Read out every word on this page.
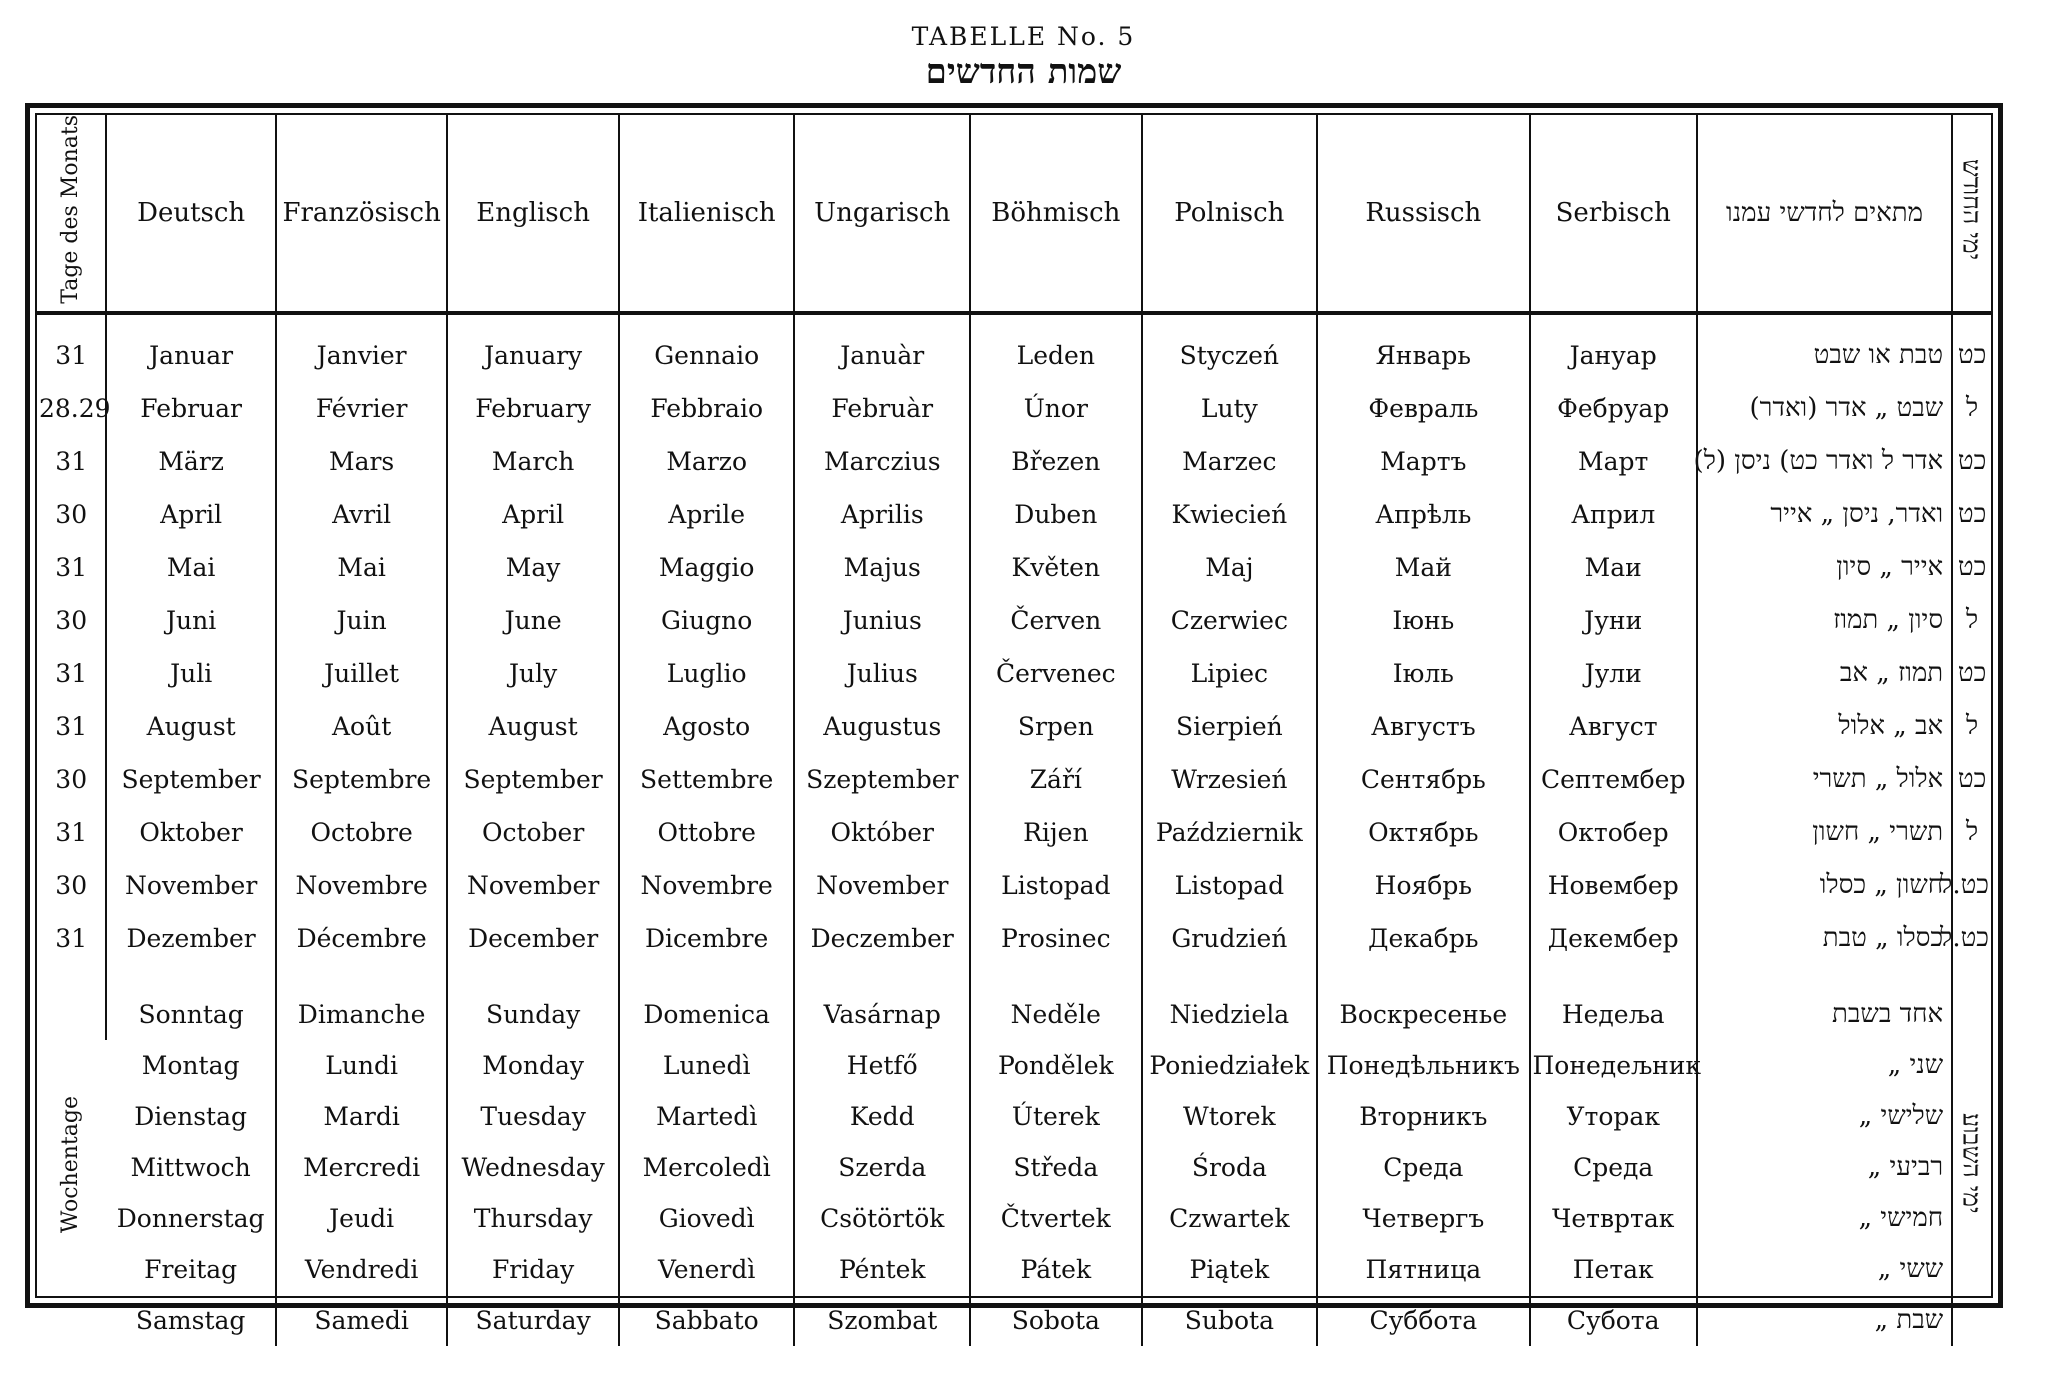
TABELLE No. 5
שמות החדשים
Tage des Monats	Deutsch	Französisch	Englisch	Italienisch	Ungarisch	Böhmisch	Polnisch	Russisch	Serbisch	מתאים לחדשי עמנו	ימי החודש
31	Januar	Janvier	January	Gennaio	Januàr	Leden	Styczeń	Январь	Јануар	טבת או שבט	כט
28.29	Februar	Février	February	Febbraio	Februàr	Únor	Luty	Февраль	Фебруар	שבט „ אדר (ואדר)	ל
31	März	Mars	March	Marzo	Marczius	Březen	Marzec	Мартъ	Март	אדר ל ואדר כט) ניסן (ל)	כט
30	April	Avril	April	Aprile	Aprilis	Duben	Kwiecień	Апрѣль	Април	ואדר, ניסן „ אייר	כט
31	Mai	Mai	May	Maggio	Majus	Květen	Maj	Май	Маи	אייר „ סיון	כט
30	Juni	Juin	June	Giugno	Junius	Červen	Czerwiec	Іюнь	Јуни	סיון „ תמוז	ל
31	Juli	Juillet	July	Luglio	Julius	Červenec	Lipiec	Іюль	Јули	תמוז „ אב	כט
31	August	Août	August	Agosto	Augustus	Srpen	Sierpień	Августъ	Август	אב „ אלול	ל
30	September	Septembre	September	Settembre	Szeptember	Září	Wrzesień	Сентябрь	Септембер	אלול „ תשרי	כט
31	Oktober	Octobre	October	Ottobre	Október	Rijen	Październik	Октябрь	Октобер	תשרי „ חשון	ל
30	November	Novembre	November	Novembre	November	Listopad	Listopad	Ноябрь	Новембер	חשון „ כסלו	כט.ל
31	Dezember	Décembre	December	Dicembre	Deczember	Prosinec	Grudzień	Декабрь	Декембер	כסלו „ טבת	כט.ל
Wochentage	Sonntag	Dimanche	Sunday	Domenica	Vasárnap	Neděle	Niedziela	Воскресенье	Недеља	אחד בשבת	ימי השבוע
	Montag	Lundi	Monday	Lunedì	Hetfő	Pondělek	Poniedziałek	Понедѣльникъ	Понедељник	שני „	
	Dienstag	Mardi	Tuesday	Martedì	Kedd	Úterek	Wtorek	Вторникъ	Уторак	שלישי „	
	Mittwoch	Mercredi	Wednesday	Mercoledì	Szerda	Středa	Środa	Среда	Среда	רביעי „	
	Donnerstag	Jeudi	Thursday	Giovedì	Csötörtök	Čtvertek	Czwartek	Четвергъ	Четвртак	חמישי „	
	Freitag	Vendredi	Friday	Venerdì	Péntek	Pátek	Piątek	Пятница	Петак	ששי „	
	Samstag	Samedi	Saturday	Sabbato	Szombat	Sobota	Subota	Суббота	Субота	שבת „	
